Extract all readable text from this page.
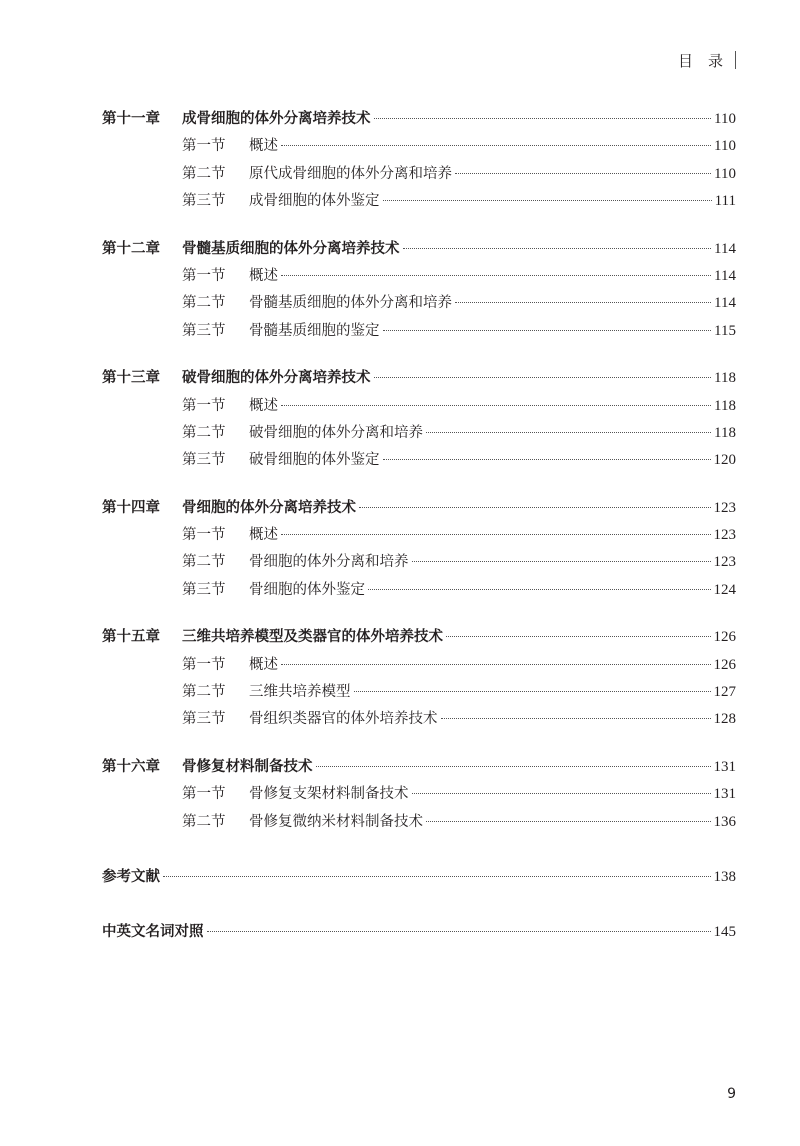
目　录
第十一章	成骨细胞的体外分离培养技术	110
第一节	概述	110
第二节	原代成骨细胞的体外分离和培养	110
第三节	成骨细胞的体外鉴定	111
第十二章	骨髓基质细胞的体外分离培养技术	114
第一节	概述	114
第二节	骨髓基质细胞的体外分离和培养	114
第三节	骨髓基质细胞的鉴定	115
第十三章	破骨细胞的体外分离培养技术	118
第一节	概述	118
第二节	破骨细胞的体外分离和培养	118
第三节	破骨细胞的体外鉴定	120
第十四章	骨细胞的体外分离培养技术	123
第一节	概述	123
第二节	骨细胞的体外分离和培养	123
第三节	骨细胞的体外鉴定	124
第十五章	三维共培养模型及类器官的体外培养技术	126
第一节	概述	126
第二节	三维共培养模型	127
第三节	骨组织类器官的体外培养技术	128
第十六章	骨修复材料制备技术	131
第一节	骨修复支架材料制备技术	131
第二节	骨修复微纳米材料制备技术	136
参考文献	138
中英文名词对照	145
9
